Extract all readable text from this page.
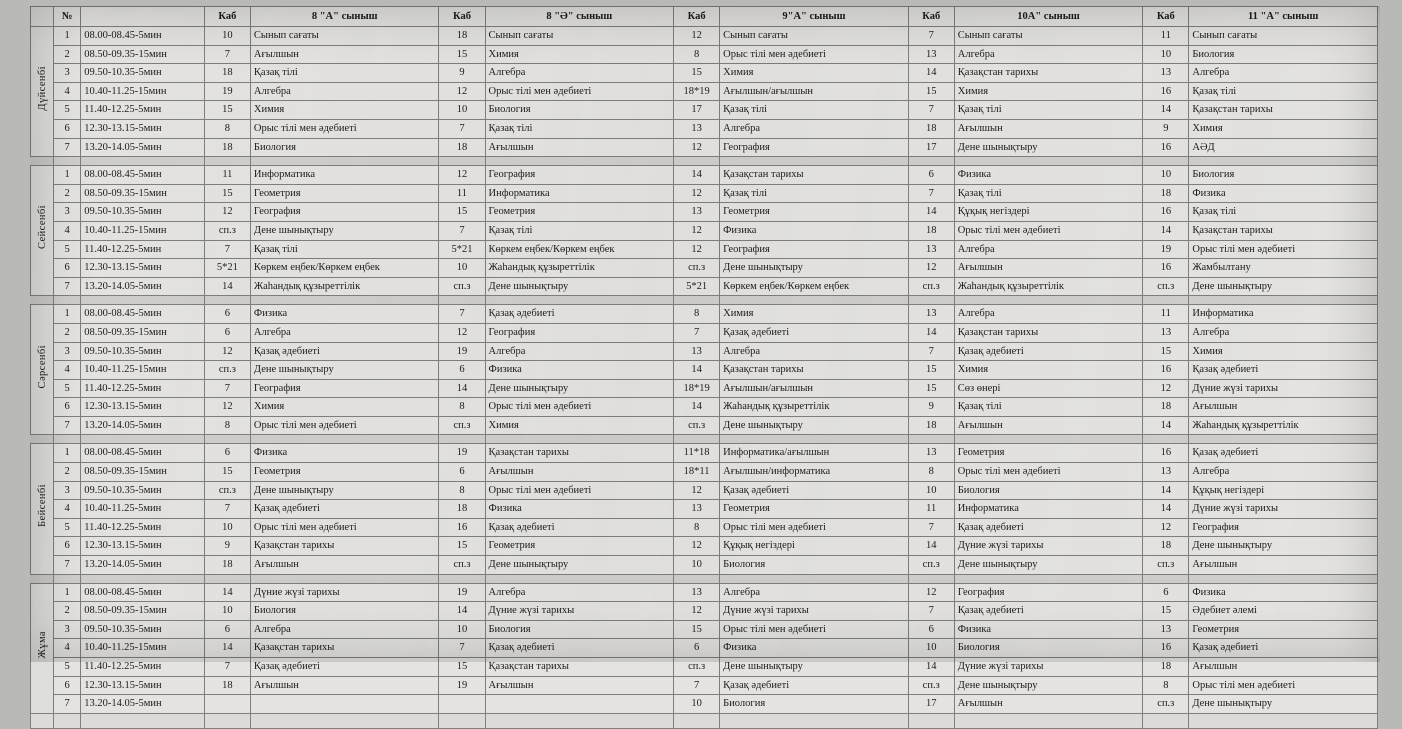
	№		Каб	8 "А" сыныш	Каб	8 "Ә" сыныш	Каб	9"А" сыныш	Каб	10А" сыныш	Каб	11 "А" сыныш
Дүйсенбі	1	08.00-08.45-5мин	10	Сынып сағаты	18	Сынып сағаты	12	Сынып сағаты	7	Сынып сағаты	11	Сынып сағаты
	2	08.50-09.35-15мин	7	Ағылшын	15	Химия	8	Орыс тілі мен әдебиеті	13	Алгебра	10	Биология
	3	09.50-10.35-5мин	18	Қазақ тілі	9	Алгебра	15	Химия	14	Қазақстан тарихы	13	Алгебра
	4	10.40-11.25-15мин	19	Алгебра	12	Орыс тілі мен әдебиеті	18*19	Ағылшын/ағылшын	15	Химия	16	Қазақ тілі
	5	11.40-12.25-5мин	15	Химия	10	Биология	17	Қазақ тілі	7	Қазақ тілі	14	Қазақстан тарихы
	6	12.30-13.15-5мин	8	Орыс тілі мен әдебиеті	7	Қазақ тілі	13	Алгебра	18	Ағылшын	9	Химия
	7	13.20-14.05-5мин	18	Биология	18	Ағылшын	12	География	17	Дене шынықтыру	16	АӘД

Сейсенбі	1	08.00-08.45-5мин	11	Информатика	12	География	14	Қазақстан тарихы	6	Физика	10	Биология
	2	08.50-09.35-15мин	15	Геометрия	11	Информатика	12	Қазақ тілі	7	Қазақ тілі	18	Физика
	3	09.50-10.35-5мин	12	География	15	Геометрия	13	Геометрия	14	Құқық негіздері	16	Қазақ тілі
	4	10.40-11.25-15мин	сп.з	Дене шынықтыру	7	Қазақ тілі	12	Физика	18	Орыс тілі мен әдебиеті	14	Қазақстан тарихы
	5	11.40-12.25-5мин	7	Қазақ тілі	5*21	Көркем еңбек/Көркем еңбек	12	География	13	Алгебра	19	Орыс тілі мен әдебиеті
	6	12.30-13.15-5мин	5*21	Көркем еңбек/Көркем еңбек	10	Жаһандық құзыреттілік	сп.з	Дене шынықтыру	12	Ағылшын	16	Жамбылтану
	7	13.20-14.05-5мин	14	Жаһандық құзыреттілік	сп.з	Дене шынықтыру	5*21	Көркем еңбек/Көркем еңбек	сп.з	Жаһандық құзыреттілік	сп.з	Дене шынықтыру

Сәрсенбі	1	08.00-08.45-5мин	6	Физика	7	Қазақ әдебиеті	8	Химия	13	Алгебра	11	Информатика
	2	08.50-09.35-15мин	6	Алгебра	12	География	7	Қазақ әдебиеті	14	Қазақстан тарихы	13	Алгебра
	3	09.50-10.35-5мин	12	Қазақ әдебиеті	19	Алгебра	13	Алгебра	7	Қазақ әдебиеті	15	Химия
	4	10.40-11.25-15мин	сп.з	Дене шынықтыру	6	Физика	14	Қазақстан тарихы	15	Химия	16	Қазақ әдебиеті
	5	11.40-12.25-5мин	7	География	14	Дене шынықтыру	18*19	Ағылшын/ағылшын	15	Сөз өнері	12	Дүние жүзі тарихы
	6	12.30-13.15-5мин	12	Химия	8	Орыс тілі мен әдебиеті	14	Жаһандық құзыреттілік	9	Қазақ тілі	18	Ағылшын
	7	13.20-14.05-5мин	8	Орыс тілі мен әдебиеті	сп.з	Химия	сп.з	Дене шынықтыру	18	Ағылшын	14	Жаһандық құзыреттілік

Бейсенбі	1	08.00-08.45-5мин	6	Физика	19	Қазақстан тарихы	11*18	Информатика/ағылшын	13	Геометрия	16	Қазақ әдебиеті
	2	08.50-09.35-15мин	15	Геометрия	6	Ағылшын	18*11	Ағылшын/информатика	8	Орыс тілі мен әдебиеті	13	Алгебра
	3	09.50-10.35-5мин	сп.з	Дене шынықтыру	8	Орыс тілі мен әдебиеті	12	Қазақ әдебиеті	10	Биология	14	Құқық негіздері
	4	10.40-11.25-5мин	7	Қазақ әдебиеті	18	Физика	13	Геометрия	11	Информатика	14	Дүние жүзі тарихы
	5	11.40-12.25-5мин	10	Орыс тілі мен әдебиеті	16	Қазақ әдебиеті	8	Орыс тілі мен әдебиеті	7	Қазақ әдебиеті	12	География
	6	12.30-13.15-5мин	9	Қазақстан тарихы	15	Геометрия	12	Құқық негіздері	14	Дүние жүзі тарихы	18	Дене шынықтыру
	7	13.20-14.05-5мин	18	Ағылшын	сп.з	Дене шынықтыру	10	Биология	сп.з	Дене шынықтыру	сп.з	Ағылшын

Жұма	1	08.00-08.45-5мин	14	Дүние жүзі тарихы	19	Алгебра	13	Алгебра	12	География	6	Физика
	2	08.50-09.35-15мин	10	Биология	14	Дүние жүзі тарихы	12	Дүние жүзі тарихы	7	Қазақ әдебиеті	15	Әдебиет әлемі
	3	09.50-10.35-5мин	6	Алгебра	10	Биология	15	Орыс тілі мен әдебиеті	6	Физика	13	Геометрия
	4	10.40-11.25-15мин	14	Қазақстан тарихы	7	Қазақ әдебиеті	6	Физика	10	Биология	16	Қазақ әдебиеті
	5	11.40-12.25-5мин	7	Қазақ әдебиеті	15	Қазақстан тарихы	сп.з	Дене шынықтыру	14	Дүние жүзі тарихы	18	Ағылшын
	6	12.30-13.15-5мин	18	Ағылшын	19	Ағылшын	7	Қазақ әдебиеті	сп.з	Дене шынықтыру	8	Орыс тілі мен әдебиеті
	7	13.20-14.05-5мин					10	Биология	17	Ағылшын	сп.з	Дене шынықтыру
